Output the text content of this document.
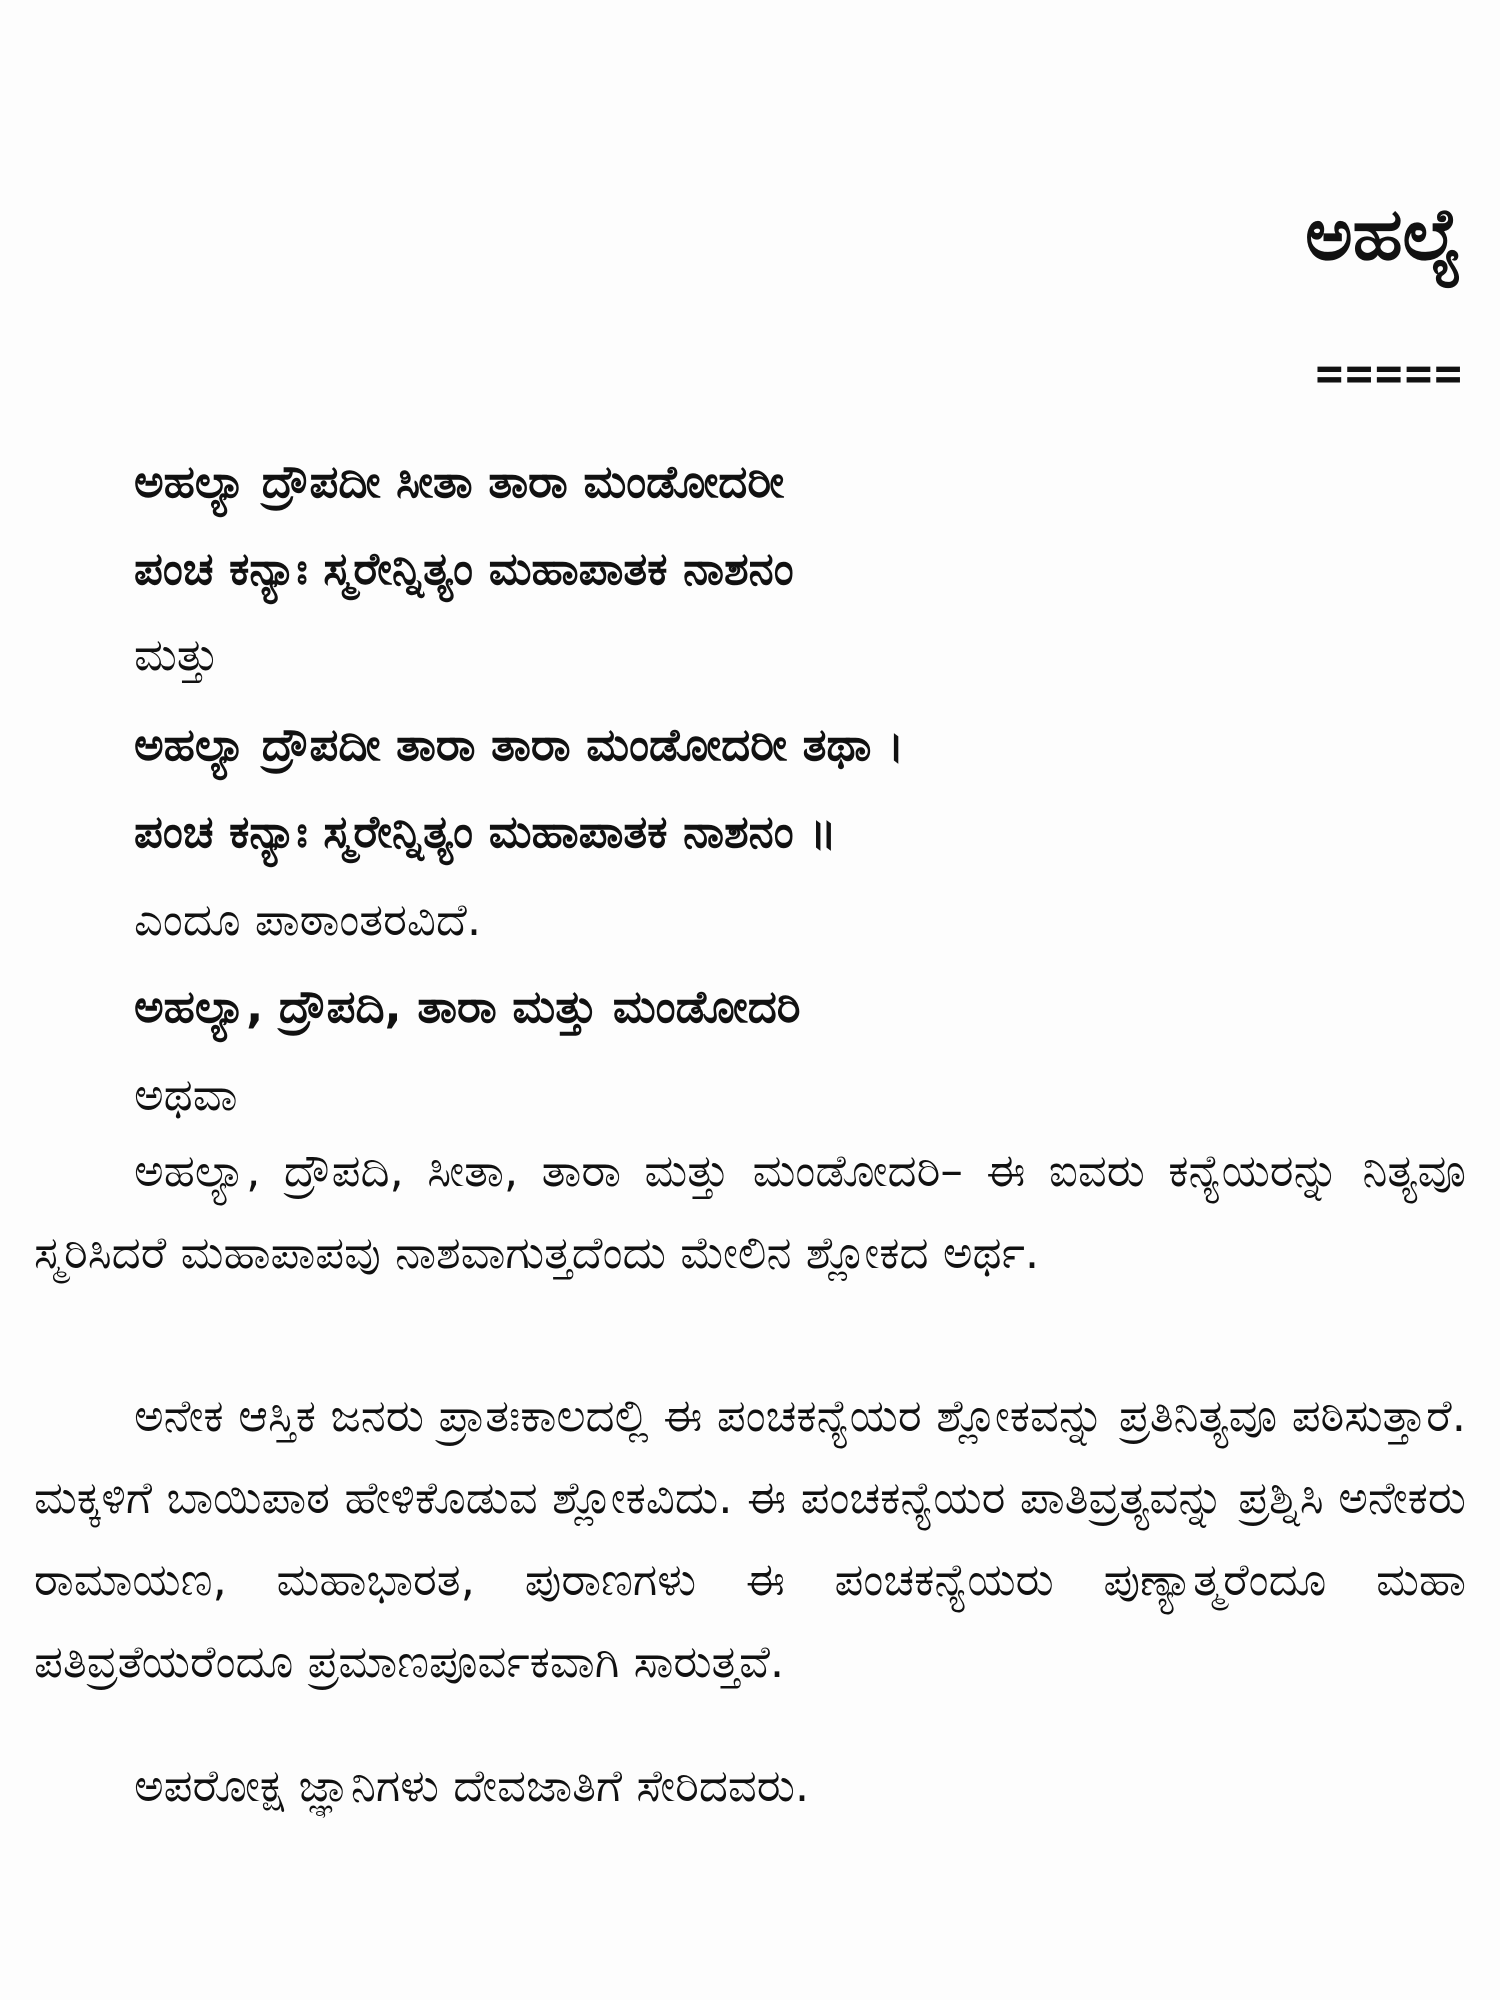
ಅಹಲ್ಯೆ
=====
ಅಹಲ್ಯಾ ದ್ರೌಪದೀ ಸೀತಾ ತಾರಾ ಮಂಡೋದರೀ
ಪಂಚ ಕನ್ಯಾಃ ಸ್ಮರೇನ್ನಿತ್ಯಂ ಮಹಾಪಾತಕ ನಾಶನಂ
ಮತ್ತು
ಅಹಲ್ಯಾ ದ್ರೌಪದೀ ತಾರಾ ತಾರಾ ಮಂಡೋದರೀ ತಥಾ ।
ಪಂಚ ಕನ್ಯಾಃ ಸ್ಮರೇನ್ನಿತ್ಯಂ ಮಹಾಪಾತಕ ನಾಶನಂ ॥
ಎಂದೂ ಪಾಠಾಂತರವಿದೆ.
ಅಹಲ್ಯಾ, ದ್ರೌಪದಿ, ತಾರಾ ಮತ್ತು ಮಂಡೋದರಿ
ಅಥವಾ

ಅಹಲ್ಯಾ, ದ್ರೌಪದಿ, ಸೀತಾ, ತಾರಾ ಮತ್ತು ಮಂಡೋದರಿ– ಈ ಐವರು ಕನ್ಯೆಯರನ್ನು ನಿತ್ಯವೂ ಸ್ಮರಿಸಿದರೆ ಮಹಾಪಾಪವು ನಾಶವಾಗುತ್ತದೆಂದು ಮೇಲಿನ ಶ್ಲೋಕದ ಅರ್ಥ.

ಅನೇಕ ಆಸ್ತಿಕ ಜನರು ಪ್ರಾತಃಕಾಲದಲ್ಲಿ ಈ ಪಂಚಕನ್ಯೆಯರ ಶ್ಲೋಕವನ್ನು ಪ್ರತಿನಿತ್ಯವೂ ಪಠಿಸುತ್ತಾರೆ. ಮಕ್ಕಳಿಗೆ ಬಾಯಿಪಾಠ ಹೇಳಿಕೊಡುವ ಶ್ಲೋಕವಿದು. ಈ ಪಂಚಕನ್ಯೆಯರ ಪಾತಿವ್ರತ್ಯವನ್ನು ಪ್ರಶ್ನಿಸಿ ಅನೇಕರು ರಾಮಾಯಣ, ಮಹಾಭಾರತ, ಪುರಾಣಗಳು ಈ ಪಂಚಕನ್ಯೆಯರು ಪುಣ್ಯಾತ್ಮರೆಂದೂ ಮಹಾ ಪತಿವ್ರತೆಯರೆಂದೂ ಪ್ರಮಾಣಪೂರ್ವಕವಾಗಿ ಸಾರುತ್ತವೆ.

ಅಪರೋಕ್ಷ ಜ್ಞಾನಿಗಳು ದೇವಜಾತಿಗೆ ಸೇರಿದವರು.
